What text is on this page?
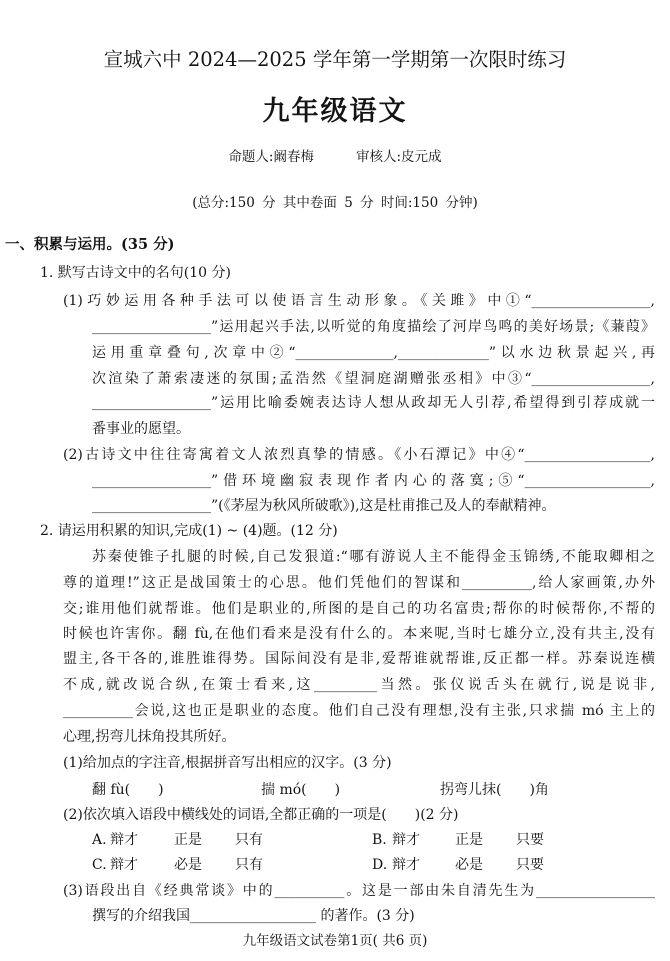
宣城六中 2024—2025 学年第一学期第一次限时练习
九年级语文
命题人:阚春梅	审核人:皮元成
(总分:150 分 其中卷面 5 分 时间:150 分钟)
一、积累与运用。(35 分)
1. 默写古诗文中的名句(10 分)
(1)巧妙运用各种手法可以使语言生动形象。《关雎》中①“_________________,
_________________”运用起兴手法,以听觉的角度描绘了河岸鸟鸣的美好场景;《蒹葭》
运用重章叠句,次章中②“______________,_____________”以水边秋景起兴,再
次渲染了萧索凄迷的氛围;孟浩然《望洞庭湖赠张丞相》中③“_________________,
_________________”运用比喻委婉表达诗人想从政却无人引荐,希望得到引荐成就一
番事业的愿望。
(2)古诗文中往往寄寓着文人浓烈真挚的情感。《小石潭记》中④“__________________,
_________________”借环境幽寂表现作者内心的落寞;⑤“__________________,
_________________”(《茅屋为秋风所破歌》),这是杜甫推己及人的奉献精神。
2. 请运用积累的知识,完成(1) ~ (4)题。(12 分)
苏秦使锥子扎腿的时候,自己发狠道:“哪有游说人主不能得金玉锦绣,不能取卿相之
尊的道理!”这正是战国策士的心思。他们凭他们的智谋和__________,给人家画策,办外
交;谁用他们就帮谁。他们是职业的,所图的是自己的功名富贵;帮你的时候帮你,不帮的
时候也许害你。翻 fù,在他们看来是没有什么的。本来呢,当时七雄分立,没有共主,没有
盟主,各干各的,谁胜谁得势。国际间没有是非,爱帮谁就帮谁,反正都一样。苏秦说连横
不成,就改说合纵,在策士看来,这_________当然。张仪说舌头在就行,说是说非,
__________会说,这也正是职业的态度。他们自己没有理想,没有主张,只求揣 mó 主上的
心理,拐弯儿抹角投其所好。
(1)给加点的字注音,根据拼音写出相应的汉字。(3 分)
翻 fù(　　)	揣 mó(　　)	拐弯儿抹(　　)角
(2)依次填入语段中横线处的词语,全都正确的一项是(　　)(2 分)
A. 辩才	正是 只有	B. 辩才	正是 只要
C. 辩才	必是 只有	D. 辩才	必是 只要
(3)语段出自《经典常谈》中的__________。这是一部由朱自清先生为_________________
撰写的介绍我国__________________ 的著作。(3 分)
九年级语文试卷第1页( 共6 页)
